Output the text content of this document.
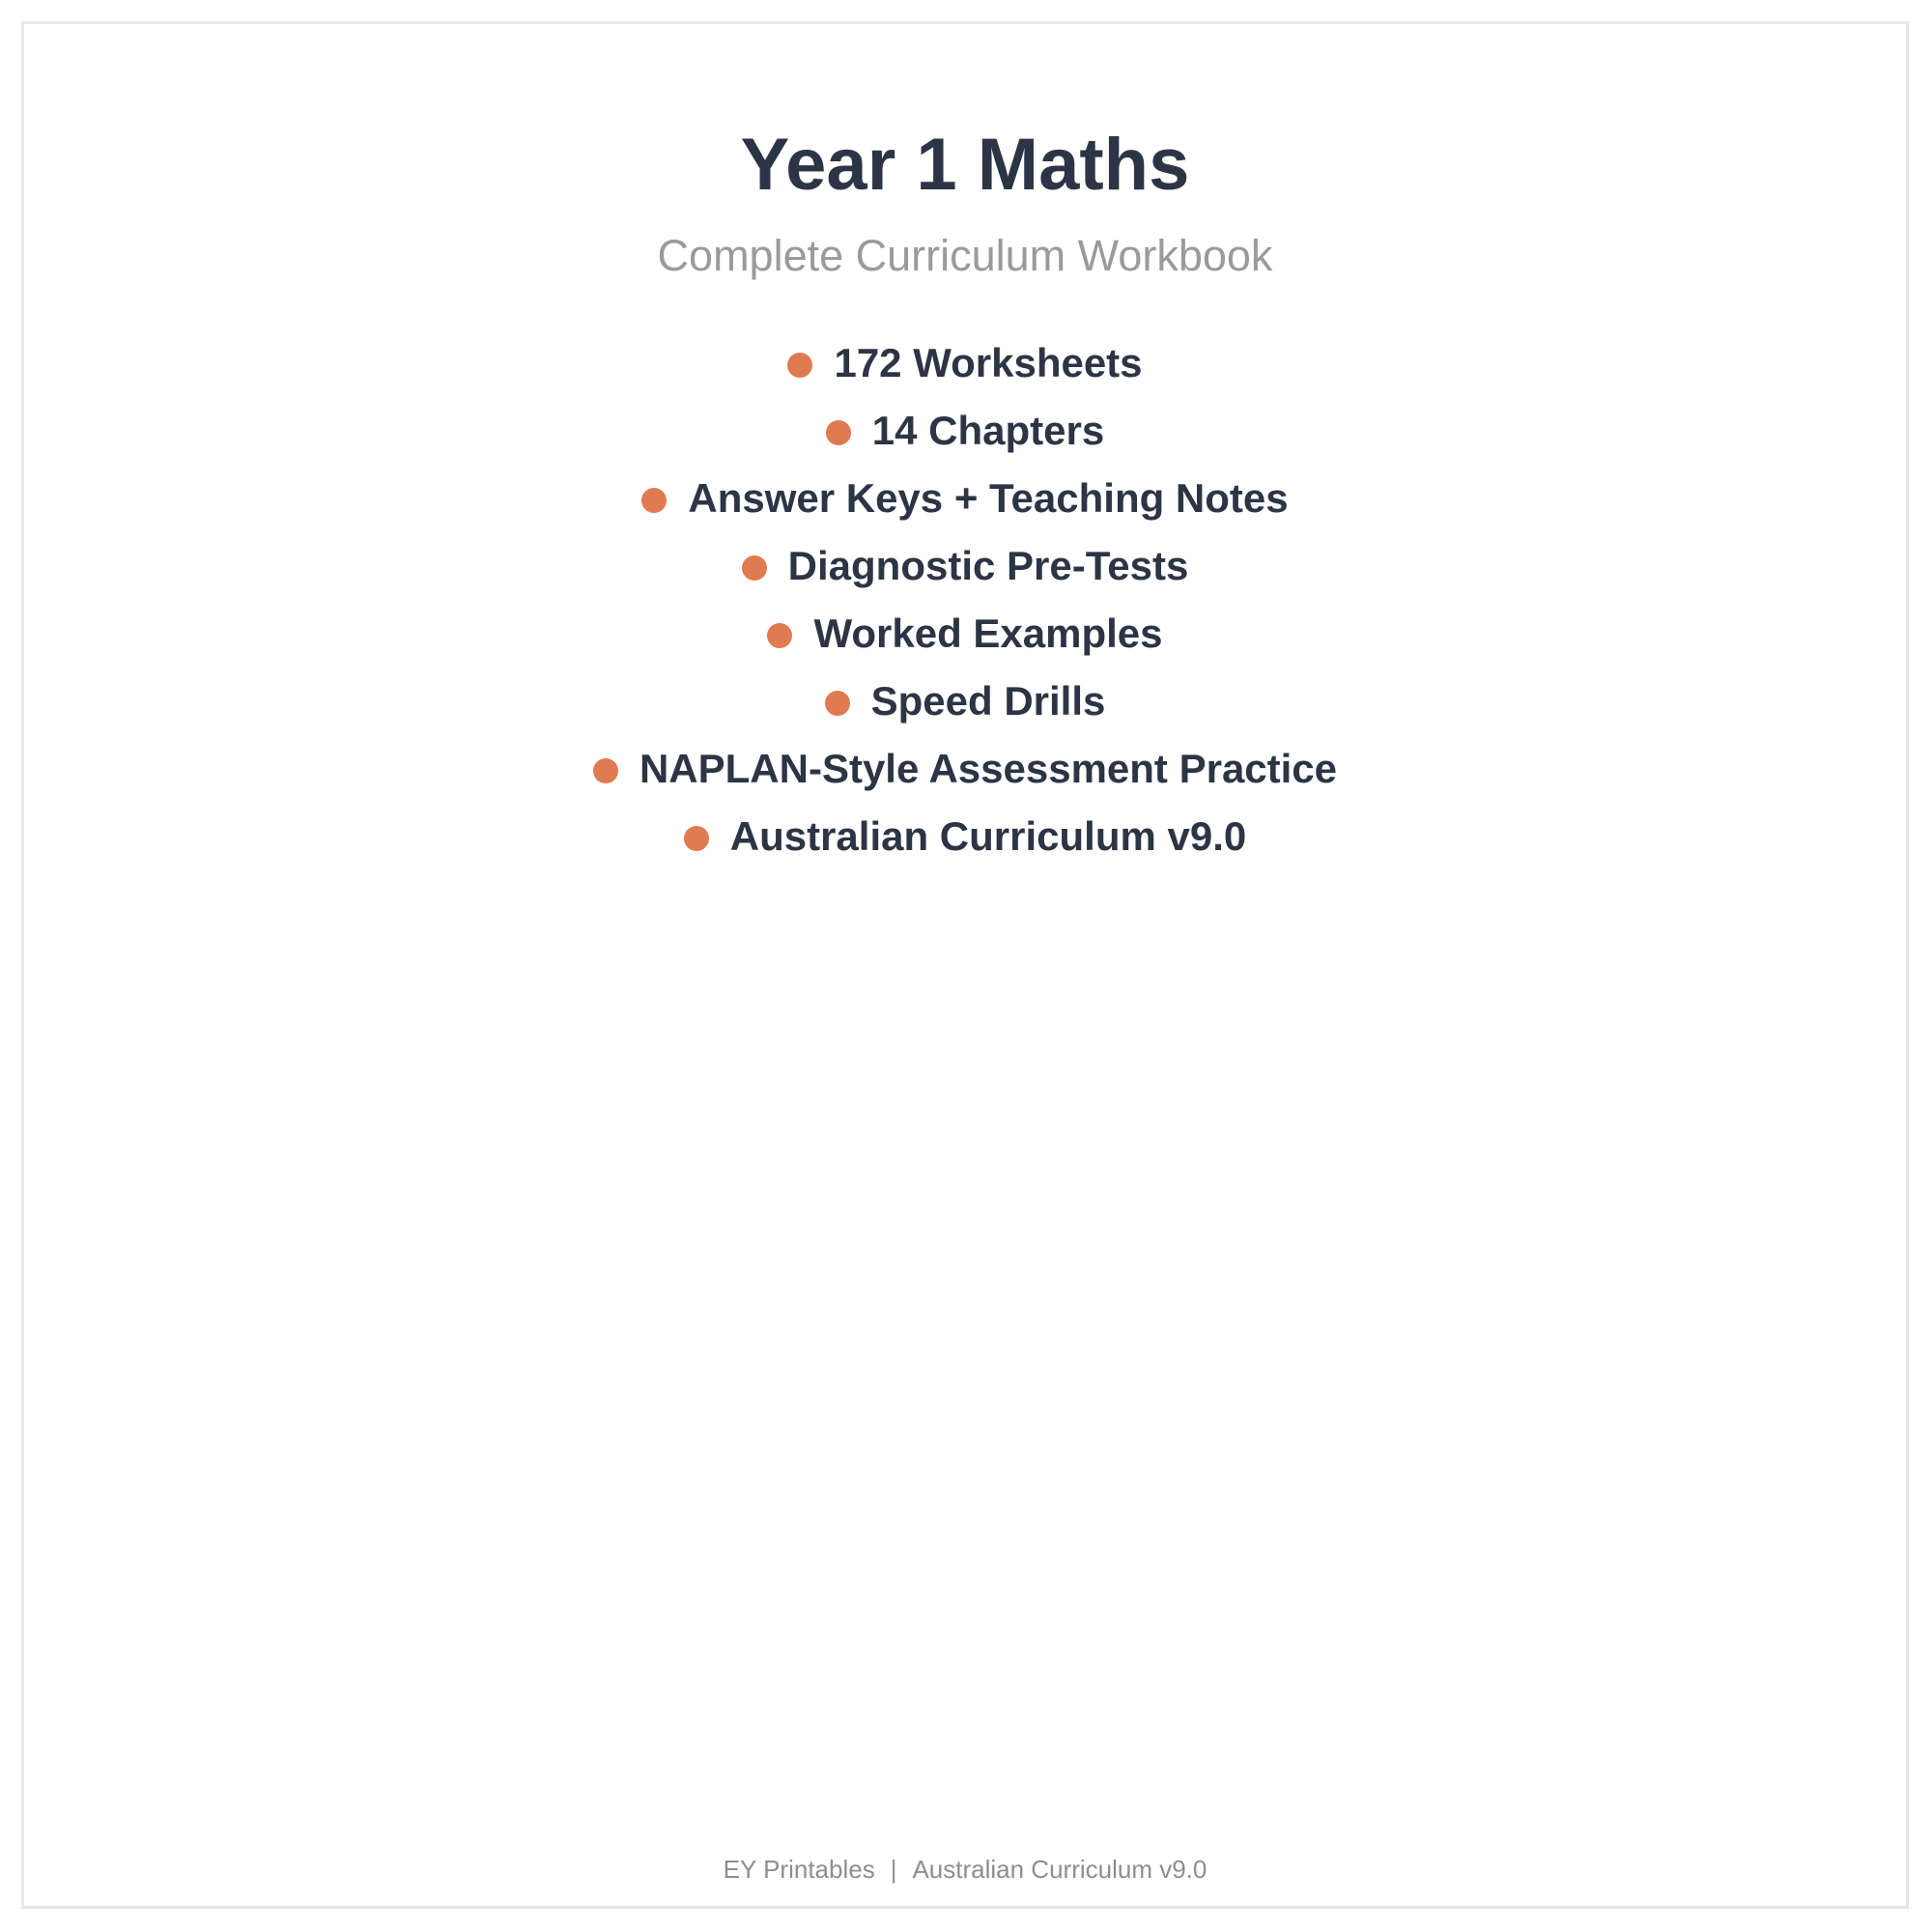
Year 1 Maths
Complete Curriculum Workbook
172 Worksheets
14 Chapters
Answer Keys + Teaching Notes
Diagnostic Pre-Tests
Worked Examples
Speed Drills
NAPLAN-Style Assessment Practice
Australian Curriculum v9.0
EY Printables | Australian Curriculum v9.0
